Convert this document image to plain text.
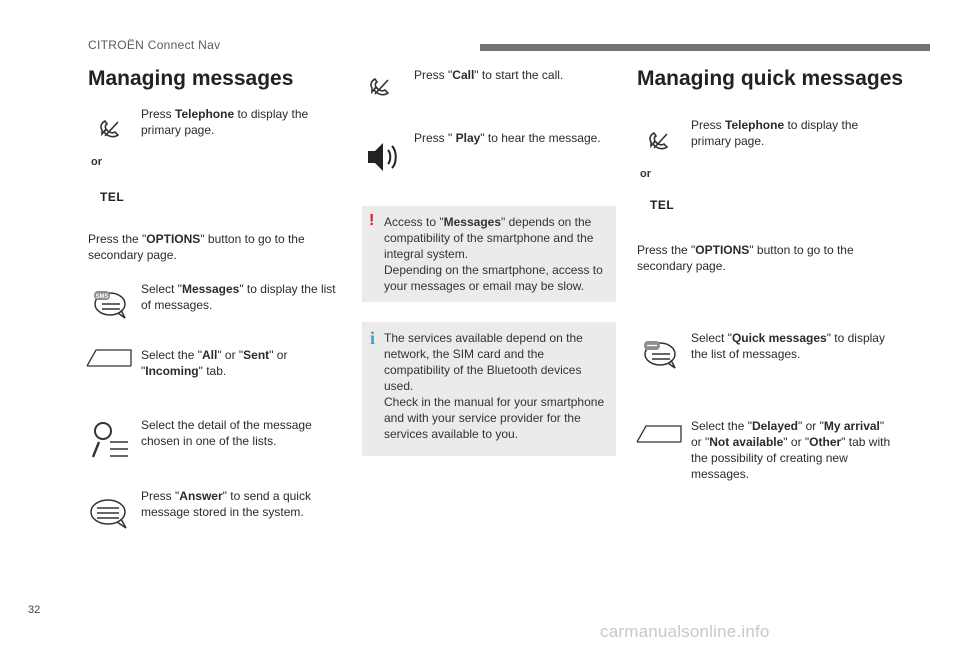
CITROËN Connect Nav
Managing messages
Press Telephone to display the primary page.
or
TEL
Press the "OPTIONS" button to go to the secondary page.
SMS
Select "Messages" to display the list of messages.
Select the "All" or "Sent" or "Incoming" tab.
Select the detail of the message chosen in one of the lists.
Press "Answer" to send a quick message stored in the system.
Press "Call" to start the call.
Press " Play" to hear the message.
! Access to "Messages" depends on the compatibility of the smartphone and the integral system.
Depending on the smartphone, access to your messages or email may be slow.
i The services available depend on the network, the SIM card and the compatibility of the Bluetooth devices used.
Check in the manual for your smartphone and with your service provider for the services available to you.
Managing quick messages
Press Telephone to display the primary page.
or
TEL
Press the "OPTIONS" button to go to the secondary page.
Select "Quick messages" to display the list of messages.
Select the "Delayed" or "My arrival" or "Not available" or "Other" tab with the possibility of creating new messages.
32
carmanualsonline.info
